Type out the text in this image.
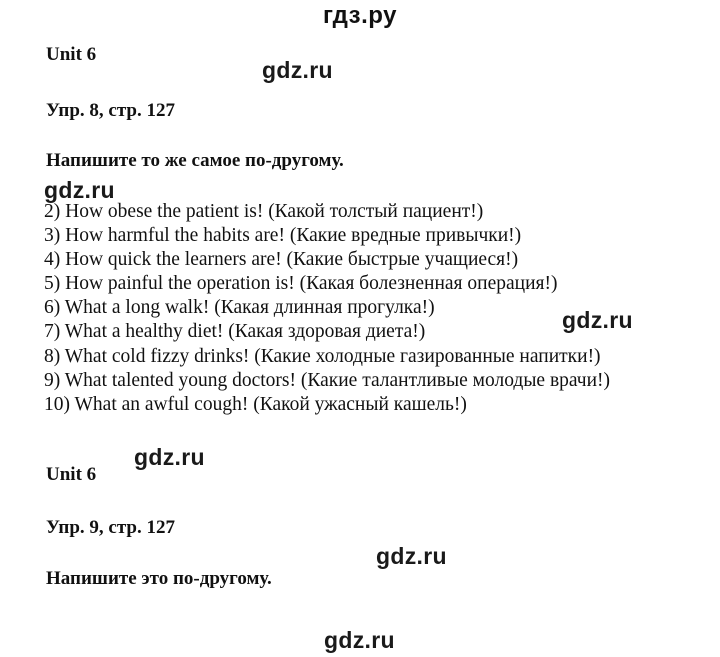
гдз.ру
Unit 6
Упр. 8, стр. 127
Напишите то же самое по-другому.
2) How obese the patient is! (Какой толстый пациент!)
3) How harmful the habits are! (Какие вредные привычки!)
4) How quick the learners are! (Какие быстрые учащиеся!)
5) How painful the operation is! (Какая болезненная операция!)
6) What a long walk! (Какая длинная прогулка!)
7) What a healthy diet! (Какая здоровая диета!)
8) What cold fizzy drinks! (Какие холодные газированные напитки!)
9) What talented young doctors! (Какие талантливые молодые врачи!)
10) What an awful cough! (Какой ужасный кашель!)
Unit 6
Упр. 9, стр. 127
Напишите это по-другому.
gdz.ru
gdz.ru
gdz.ru
gdz.ru
gdz.ru
gdz.ru
